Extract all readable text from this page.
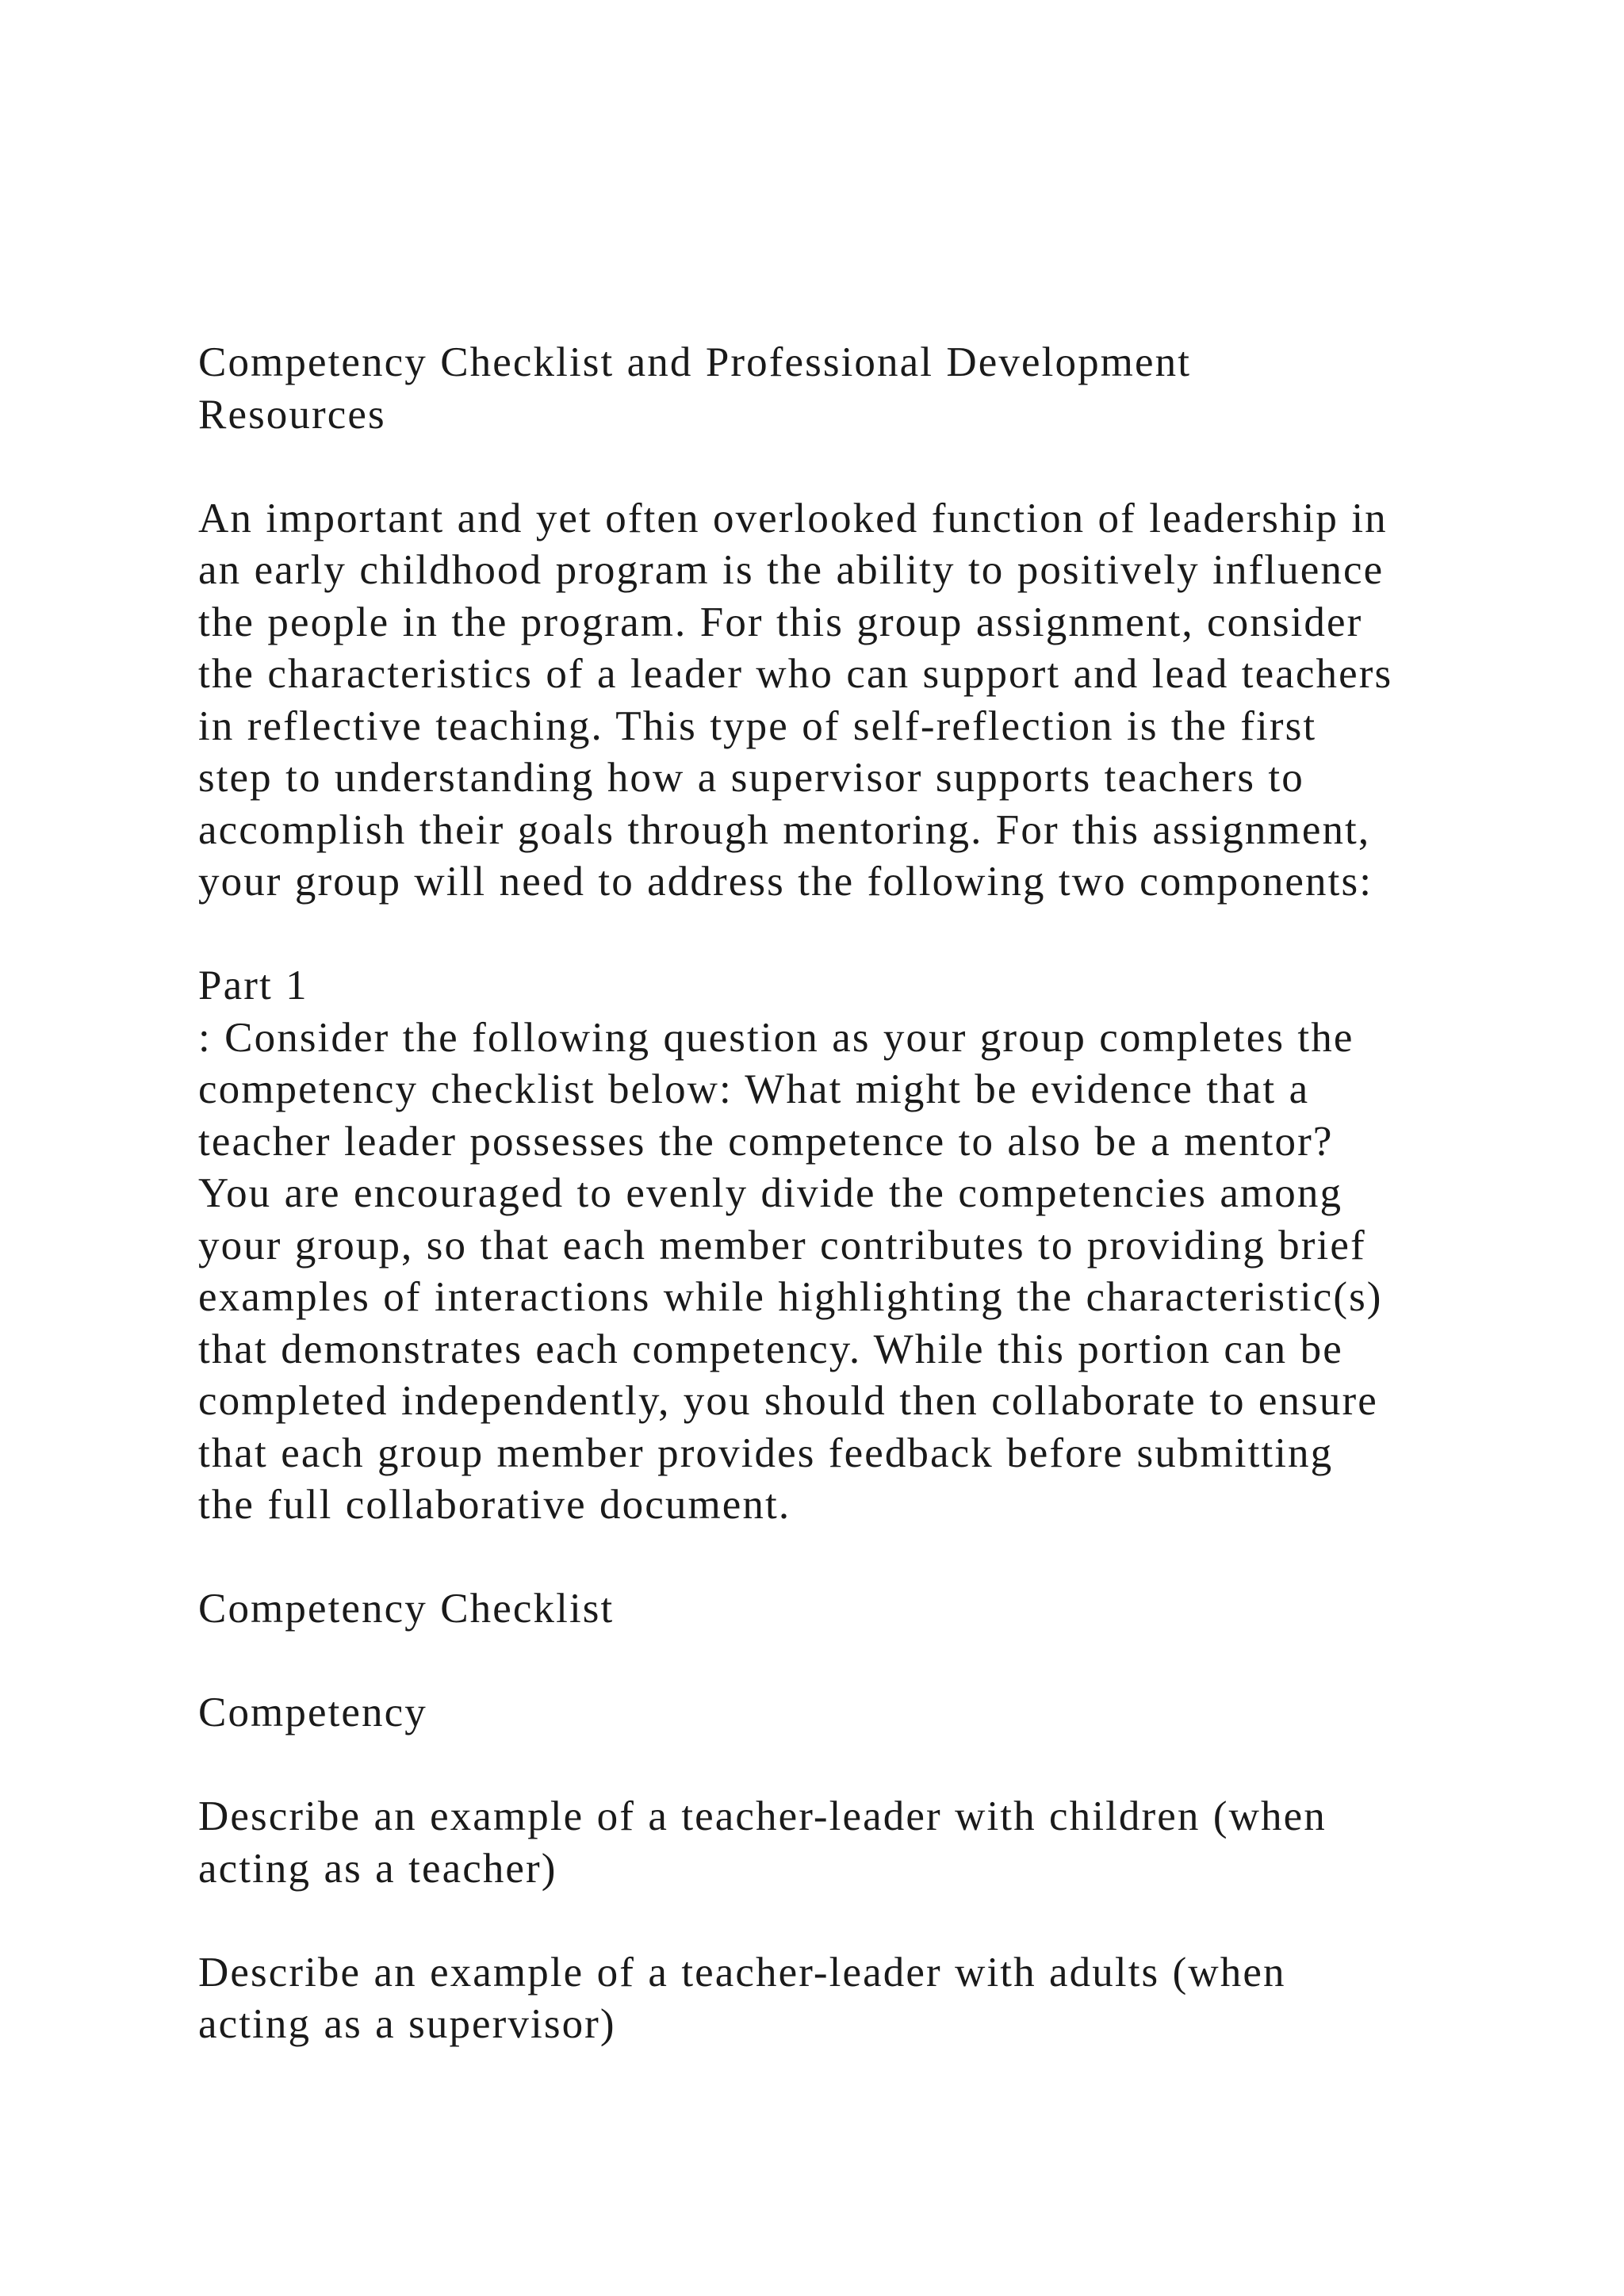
Competency Checklist and Professional Development
Resources
An important and yet often overlooked function of leadership in
an early childhood program is the ability to positively influence
the people in the program. For this group assignment, consider
the characteristics of a leader who can support and lead teachers
in reflective teaching. This type of self-reflection is the first
step to understanding how a supervisor supports teachers to
accomplish their goals through mentoring. For this assignment,
your group will need to address the following two components:
Part 1
: Consider the following question as your group completes the
competency checklist below: What might be evidence that a
teacher leader possesses the competence to also be a mentor?
You are encouraged to evenly divide the competencies among
your group, so that each member contributes to providing brief
examples of interactions while highlighting the characteristic(s)
that demonstrates each competency. While this portion can be
completed independently, you should then collaborate to ensure
that each group member provides feedback before submitting
the full collaborative document.
Competency Checklist
Competency
Describe an example of a teacher-leader with children (when
acting as a teacher)
Describe an example of a teacher-leader with adults (when
acting as a supervisor)
